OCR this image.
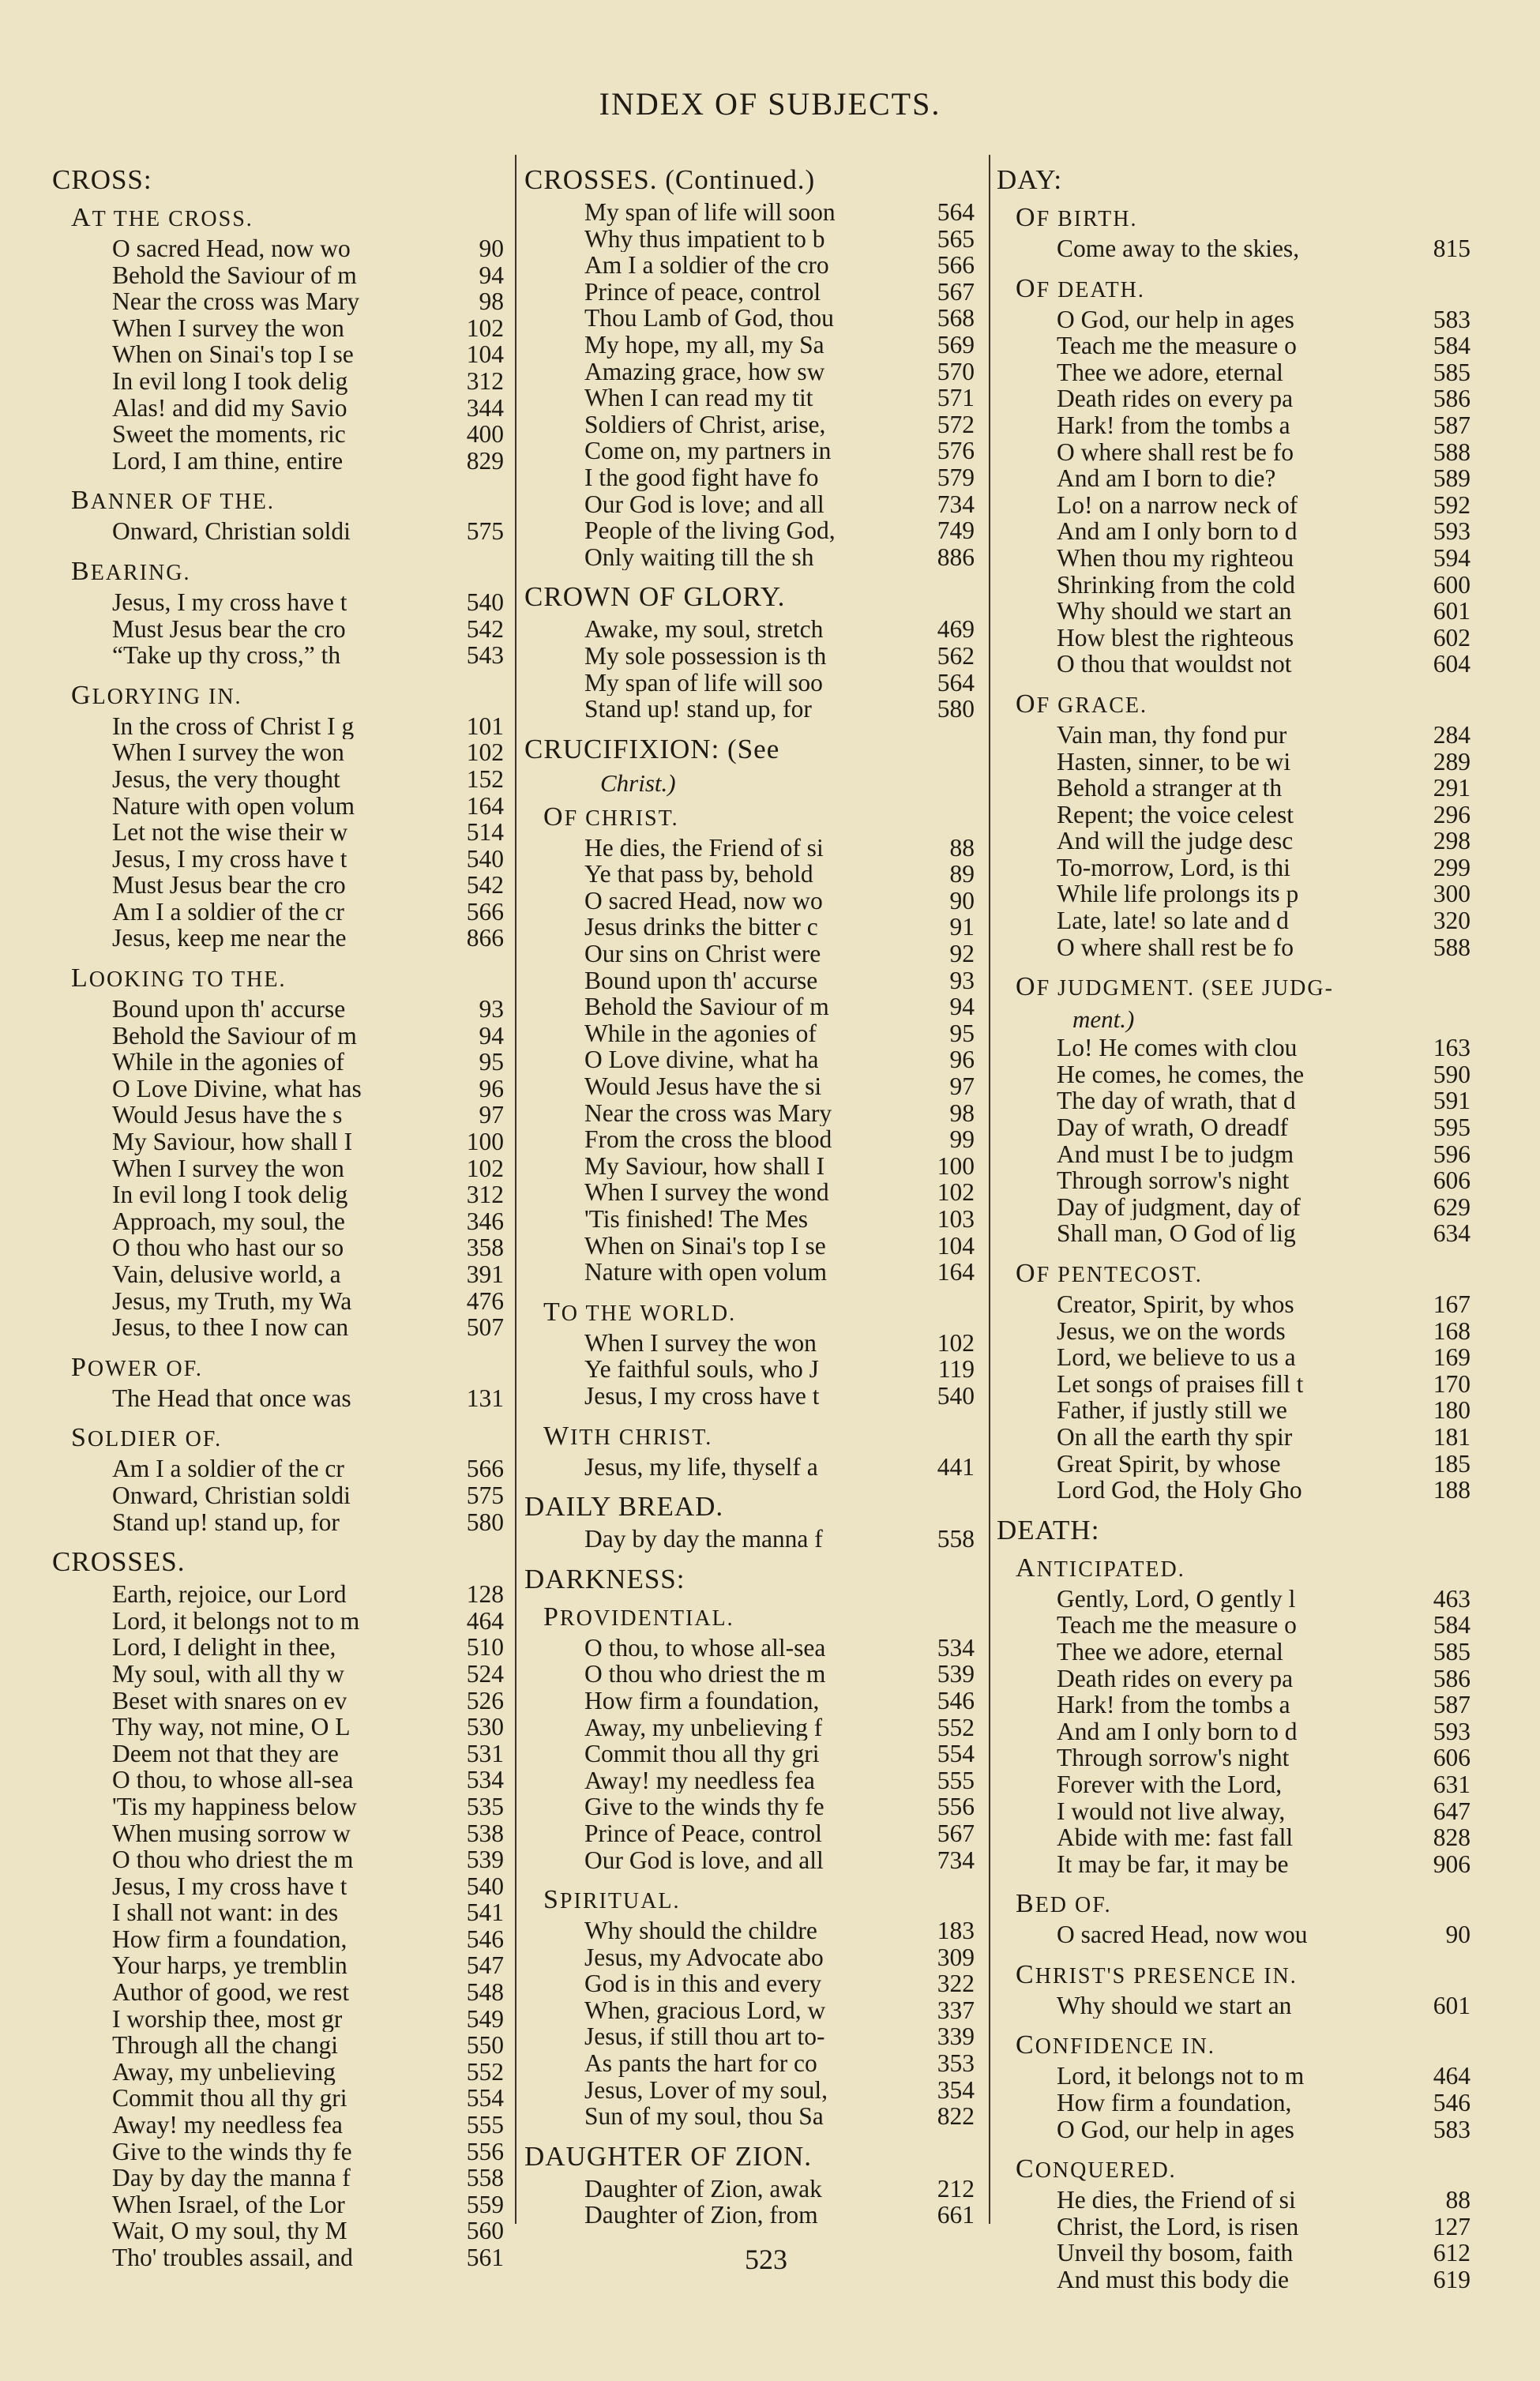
INDEX OF SUBJECTS.
CROSS:
AT THE CROSS.
O sacred Head, now wo	90
Behold the Saviour of m	94
Near the cross was Mary	98
When I survey the won	102
When on Sinai's top I se	104
In evil long I took delig	312
Alas! and did my Savio	344
Sweet the moments, ric	400
Lord, I am thine, entire	829
BANNER OF THE.
Onward, Christian soldi	575
BEARING.
Jesus, I my cross have t	540
Must Jesus bear the cro	542
“Take up thy cross,” th	543
GLORYING IN.
In the cross of Christ I g	101
When I survey the won	102
Jesus, the very thought	152
Nature with open volum	164
Let not the wise their w	514
Jesus, I my cross have t	540
Must Jesus bear the cro	542
Am I a soldier of the cr	566
Jesus, keep me near the	866
LOOKING TO THE.
Bound upon th' accurse	93
Behold the Saviour of m	94
While in the agonies of	95
O Love Divine, what has	96
Would Jesus have the s	97
My Saviour, how shall I	100
When I survey the won	102
In evil long I took delig	312
Approach, my soul, the	346
O thou who hast our so	358
Vain, delusive world, a	391
Jesus, my Truth, my Wa	476
Jesus, to thee I now can	507
POWER OF.
The Head that once was	131
SOLDIER OF.
Am I a soldier of the cr	566
Onward, Christian soldi	575
Stand up! stand up, for	580
CROSSES.
Earth, rejoice, our Lord	128
Lord, it belongs not to m	464
Lord, I delight in thee,	510
My soul, with all thy w	524
Beset with snares on ev	526
Thy way, not mine, O L	530
Deem not that they are	531
O thou, to whose all-sea	534
'Tis my happiness below	535
When musing sorrow w	538
O thou who driest the m	539
Jesus, I my cross have t	540
I shall not want: in des	541
How firm a foundation,	546
Your harps, ye tremblin	547
Author of good, we rest	548
I worship thee, most gr	549
Through all the changi	550
Away, my unbelieving	552
Commit thou all thy gri	554
Away! my needless fea	555
Give to the winds thy fe	556
Day by day the manna f	558
When Israel, of the Lor	559
Wait, O my soul, thy M	560
Tho' troubles assail, and	561
CROSSES. (Continued.)
My span of life will soon	564
Why thus impatient to b	565
Am I a soldier of the cro	566
Prince of peace, control	567
Thou Lamb of God, thou	568
My hope, my all, my Sa	569
Amazing grace, how sw	570
When I can read my tit	571
Soldiers of Christ, arise,	572
Come on, my partners in	576
I the good fight have fo	579
Our God is love; and all	734
People of the living God,	749
Only waiting till the sh	886
CROWN OF GLORY.
Awake, my soul, stretch	469
My sole possession is th	562
My span of life will soo	564
Stand up! stand up, for	580
CRUCIFIXION: (See
Christ.)
OF CHRIST.
He dies, the Friend of si	88
Ye that pass by, behold	89
O sacred Head, now wo	90
Jesus drinks the bitter c	91
Our sins on Christ were	92
Bound upon th' accurse	93
Behold the Saviour of m	94
While in the agonies of	95
O Love divine, what ha	96
Would Jesus have the si	97
Near the cross was Mary	98
From the cross the blood	99
My Saviour, how shall I	100
When I survey the wond	102
'Tis finished! The Mes	103
When on Sinai's top I se	104
Nature with open volum	164
TO THE WORLD.
When I survey the won	102
Ye faithful souls, who J	119
Jesus, I my cross have t	540
WITH CHRIST.
Jesus, my life, thyself a	441
DAILY BREAD.
Day by day the manna f	558
DARKNESS:
PROVIDENTIAL.
O thou, to whose all-sea	534
O thou who driest the m	539
How firm a foundation,	546
Away, my unbelieving f	552
Commit thou all thy gri	554
Away! my needless fea	555
Give to the winds thy fe	556
Prince of Peace, control	567
Our God is love, and all	734
SPIRITUAL.
Why should the childre	183
Jesus, my Advocate abo	309
God is in this and every	322
When, gracious Lord, w	337
Jesus, if still thou art to-	339
As pants the hart for co	353
Jesus, Lover of my soul,	354
Sun of my soul, thou Sa	822
DAUGHTER OF ZION.
Daughter of Zion, awak	212
Daughter of Zion, from	661
DAY:
OF BIRTH.
Come away to the skies,	815
OF DEATH.
O God, our help in ages	583
Teach me the measure o	584
Thee we adore, eternal	585
Death rides on every pa	586
Hark! from the tombs a	587
O where shall rest be fo	588
And am I born to die?	589
Lo! on a narrow neck of	592
And am I only born to d	593
When thou my righteou	594
Shrinking from the cold	600
Why should we start an	601
How blest the righteous	602
O thou that wouldst not	604
OF GRACE.
Vain man, thy fond pur	284
Hasten, sinner, to be wi	289
Behold a stranger at th	291
Repent; the voice celest	296
And will the judge desc	298
To-morrow, Lord, is thi	299
While life prolongs its p	300
Late, late! so late and d	320
O where shall rest be fo	588
OF JUDGMENT. (SEE JUDG-
ment.)
Lo! He comes with clou	163
He comes, he comes, the	590
The day of wrath, that d	591
Day of wrath, O dreadf	595
And must I be to judgm	596
Through sorrow's night	606
Day of judgment, day of	629
Shall man, O God of lig	634
OF PENTECOST.
Creator, Spirit, by whos	167
Jesus, we on the words	168
Lord, we believe to us a	169
Let songs of praises fill t	170
Father, if justly still we	180
On all the earth thy spir	181
Great Spirit, by whose	185
Lord God, the Holy Gho	188
DEATH:
ANTICIPATED.
Gently, Lord, O gently l	463
Teach me the measure o	584
Thee we adore, eternal	585
Death rides on every pa	586
Hark! from the tombs a	587
And am I only born to d	593
Through sorrow's night	606
Forever with the Lord,	631
I would not live alway,	647
Abide with me: fast fall	828
It may be far, it may be	906
BED OF.
O sacred Head, now wou	90
CHRIST'S PRESENCE IN.
Why should we start an	601
CONFIDENCE IN.
Lord, it belongs not to m	464
How firm a foundation,	546
O God, our help in ages	583
CONQUERED.
He dies, the Friend of si	88
Christ, the Lord, is risen	127
Unveil thy bosom, faith	612
And must this body die	619
523
